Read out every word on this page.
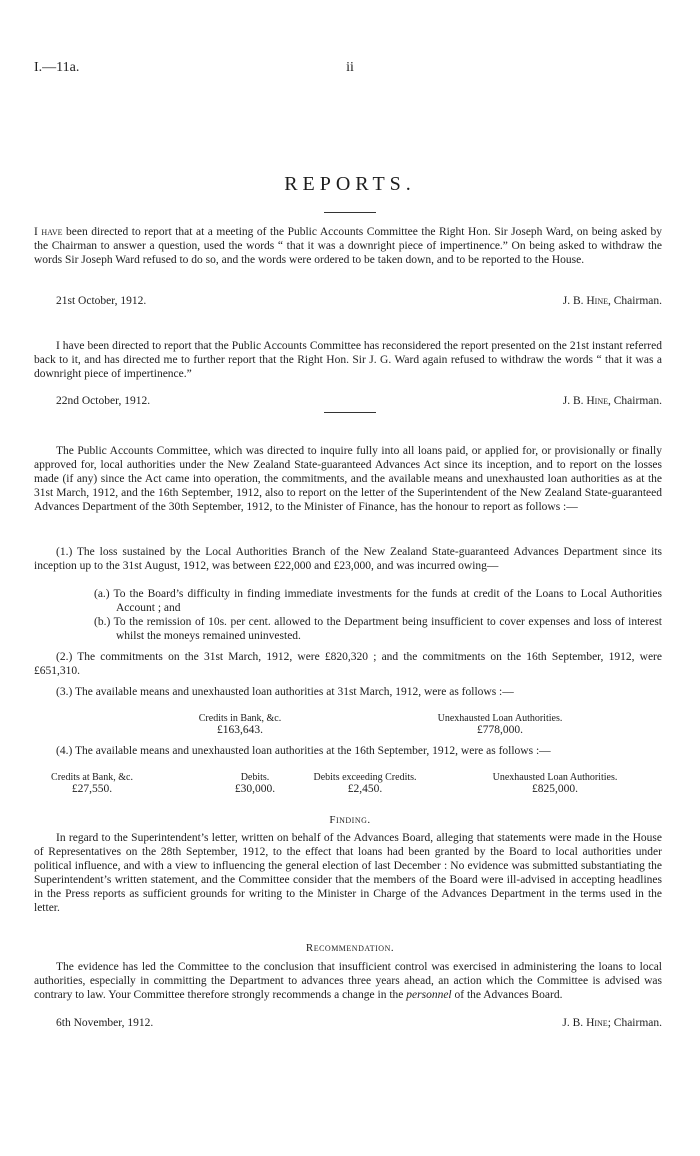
I.—11a.	ii
REPORTS.

I have been directed to report that at a meeting of the Public Accounts Committee the Right Hon. Sir Joseph Ward, on being asked by the Chairman to answer a question, used the words “ that it was a downright piece of impertinence.” On being asked to withdraw the words Sir Joseph Ward refused to do so, and the words were ordered to be taken down, and to be reported to the House.

21st October, 1912.	J. B. Hine, Chairman.

I have been directed to report that the Public Accounts Committee has reconsidered the report presented on the 21st instant referred back to it, and has directed me to further report that the Right Hon. Sir J. G. Ward again refused to withdraw the words “ that it was a downright piece of impertinence.”

22nd October, 1912.	J. B. Hine, Chairman.

The Public Accounts Committee, which was directed to inquire fully into all loans paid, or applied for, or provisionally or finally approved for, local authorities under the New Zealand State-guaranteed Advances Act since its inception, and to report on the losses made (if any) since the Act came into operation, the commitments, and the available means and unexhausted loan authorities as at the 31st March, 1912, and the 16th September, 1912, also to report on the letter of the Superintendent of the New Zealand State-guaranteed Advances Department of the 30th September, 1912, to the Minister of Finance, has the honour to report as follows :—

(1.) The loss sustained by the Local Authorities Branch of the New Zealand State-guaranteed Advances Department since its inception up to the 31st August, 1912, was between £22,000 and £23,000, and was incurred owing—

(a.) To the Board’s difficulty in finding immediate investments for the funds at credit of the Loans to Local Authorities Account ; and
(b.) To the remission of 10s. per cent. allowed to the Department being insufficient to cover expenses and loss of interest whilst the moneys remained uninvested.

(2.) The commitments on the 31st March, 1912, were £820,320 ; and the commitments on the 16th September, 1912, were £651,310.

(3.) The available means and unexhausted loan authorities at 31st March, 1912, were as follows :—

Credits in Bank, &c.	Unexhausted Loan Authorities.
£163,643.	£778,000.

(4.) The available means and unexhausted loan authorities at the 16th September, 1912, were as follows :—

Credits at Bank, &c.	Debits.	Debits exceeding Credits.	Unexhausted Loan Authorities.
£27,550.	£30,000.	£2,450.	£825,000.
Finding.

In regard to the Superintendent’s letter, written on behalf of the Advances Board, alleging that statements were made in the House of Representatives on the 28th September, 1912, to the effect that loans had been granted by the Board to local authorities under political influence, and with a view to influencing the general election of last December : No evidence was submitted substantiating the Superintendent’s written statement, and the Committee consider that the members of the Board were ill-advised in accepting headlines in the Press reports as sufficient grounds for writing to the Minister in Charge of the Advances Department in the terms used in the letter.

Recommendation.

The evidence has led the Committee to the conclusion that insufficient control was exercised in administering the loans to local authorities, especially in committing the Department to advances three years ahead, an action which the Committee is advised was contrary to law. Your Committee therefore strongly recommends a change in the personnel of the Advances Board.

6th November, 1912.	J. B. Hine; Chairman.
